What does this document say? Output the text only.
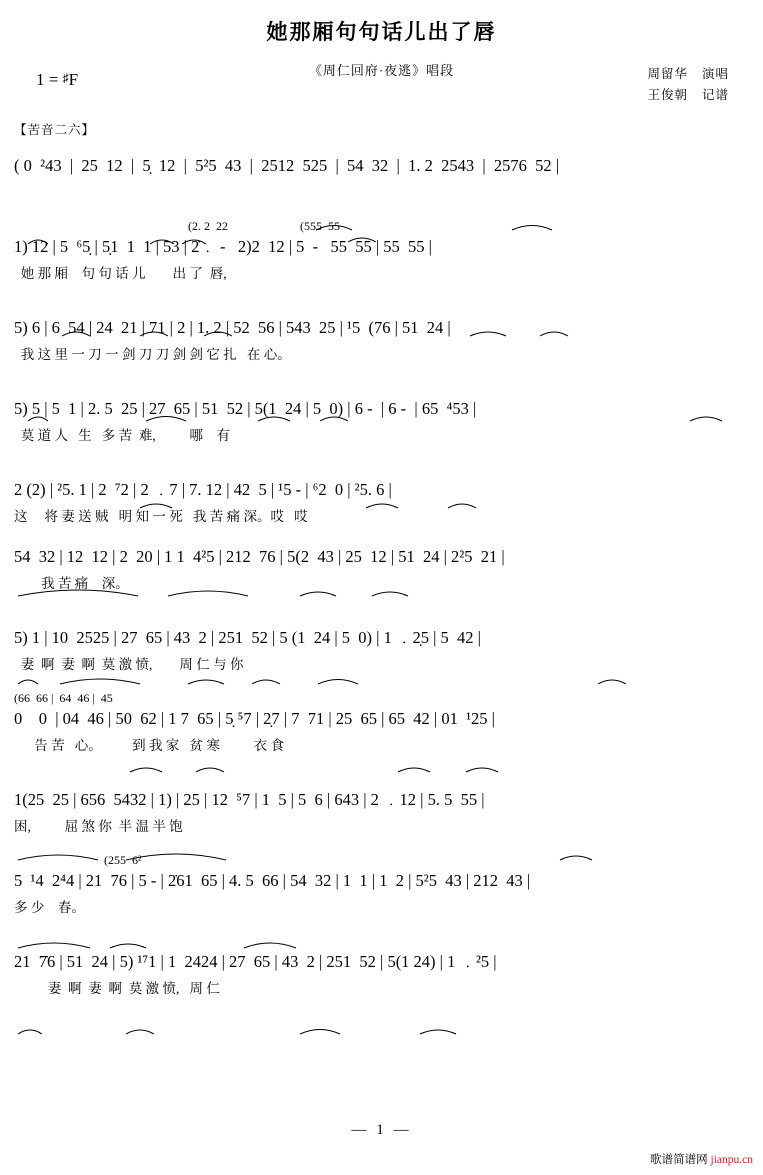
她那厢句句话儿出了唇
1 = ♯F	《周仁回府·夜逃》唱段	周留华 演唱
王俊朝 记谱
【苦音二六】
( 0  ²43  |  25  12  |  5̣  12  |  5²5  43  |  2512  525  |  54  32  |  1. 2  2543  |  2576  52 |
(2. 2  22                        (555  55
1) 12 | 5  ⁶5̣ | 5̣1  1  1 | 53 | 2̇﹒ -   2)2  12 | 5  -   55  55 | 55  55 |
她 那 厢    句 句 话 儿        出 了  唇,
5) 6 | 6  54 | 24  21 | 71 | 2 | 1. 2 | 52  56 | 543  25 | ¹5  (76 | 51  24 |
我 这 里 一 刀 一 剑 刀 刀 剑 剑 它 扎   在 心。
5) 5 | 5  1 | 2. 5  25 | 27  65 | 51  52 | 5(1  24 | 5  0) | 6 -  | 6 -  | 65  ⁴53 |
莫 道 人   生   多 苦  难,          哪    有
2 (2) | ²5. 1 | 2  ⁷2 | 2 ﹒7 | 7. 12 | 42  5 | ¹5 - | ⁶2  0 | ²5. 6 |
这     将 妻 送 贼   明 知 一 死   我 苦 痛 深。哎   哎
54  32 | 12  12 | 2  20 | 1 1  4²5 | 212  76 | 5(2  43 | 25  12 | 51  24 | 2²5  21 |
我 苦 痛    深。
5) 1 | 10  2525 | 27  65 | 43  2 | 251  52 | 5 (1  24 | 5  0) | 1 ﹒2̣5 | 5  42 |
妻  啊  妻  啊  莫 激 愤,        周 仁 与 你
(66  66 |  64  46 |  45
0    0  | 04  46 | 50  62 | 1 7  65 | 5̣ ⁵7 | 2̣7 | 7  71 | 25  65 | 65  42 | 01  ¹25 |
告 苦   心。         到 我 家   贫 寒          衣 食
1(25  25 | 656  5432 | 1) | 25 | 12  ⁵7 | 1  5 | 5  6 | 643 | 2 ﹒12 | 5. 5  55 |
困,          屈 煞 你  半 温 半 饱
(255  6²
5  ¹4  2⁴4 | 21  76 | 5 - | 2̇61  65 | 4. 5  66 | 54  32 | 1  1 | 1  2 | 5²5  43 | 212  43 |
多 少    春。
21  7̇6 | 51  24 | 5) ¹⁷1 | 1  2424 | 27  65 | 43  2 | 251  52 | 5(1 24) | 1 ﹒²5 |
妻  啊  妻  啊  莫 激 愤,   周 仁
— 1 —
歌谱简谱网 jianpu.cn
